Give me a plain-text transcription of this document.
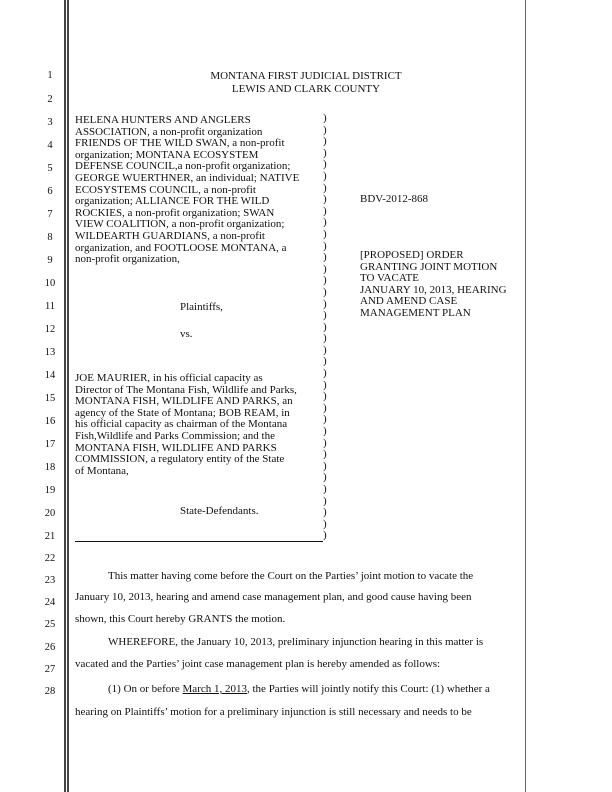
1
2
3
4
5
6
7
8
9
10
11
12
13
14
15
16
17
18
19
20
21
22
23
24
25
26
27
28
MONTANA FIRST JUDICIAL DISTRICT
LEWIS AND CLARK COUNTY
HELENA HUNTERS AND ANGLERS
ASSOCIATION, a non-profit organization
FRIENDS OF THE WILD SWAN, a non-profit
organization; MONTANA ECOSYSTEM
DEFENSE COUNCIL,a non-profit organization;
GEORGE WUERTHNER, an individual; NATIVE
ECOSYSTEMS COUNCIL, a non-profit
organization; ALLIANCE FOR THE WILD
ROCKIES, a non-profit organization; SWAN
VIEW COALITION, a non-profit organization;
WILDEARTH GUARDIANS, a non-profit
organization, and FOOTLOOSE MONTANA, a
non-profit organization,
Plaintiffs,
vs.
JOE MAURIER, in his official capacity as
Director of The Montana Fish, Wildlife and Parks,
MONTANA FISH, WILDLIFE AND PARKS, an
agency of the State of Montana; BOB REAM, in
his official capacity as chairman of the Montana
Fish,Wildlife and Parks Commission; and the
MONTANA FISH, WILDLIFE AND PARKS
COMMISSION, a regulatory entity of the State
of Montana,
State-Defendants.
)
)
)
)
)
)
)
)
)
)
)
)
)
)
)
)
)
)
)
)
)
)
)
)
)
)
)
)
)
)
)
)
)
)
)
)
)
BDV-2012-868
[PROPOSED] ORDER
GRANTING JOINT MOTION
TO VACATE
JANUARY 10, 2013, HEARING
AND AMEND CASE
MANAGEMENT PLAN
This matter having come before the Court on the Parties’ joint motion to vacate the
January 10, 2013, hearing and amend case management plan, and good cause having been
shown, this Court hereby GRANTS the motion.
WHEREFORE, the January 10, 2013, preliminary injunction hearing in this matter is
vacated and the Parties’ joint case management plan is hereby amended as follows:
(1) On or before March 1, 2013, the Parties will jointly notify this Court: (1) whether a
hearing on Plaintiffs’ motion for a preliminary injunction is still necessary and needs to be
